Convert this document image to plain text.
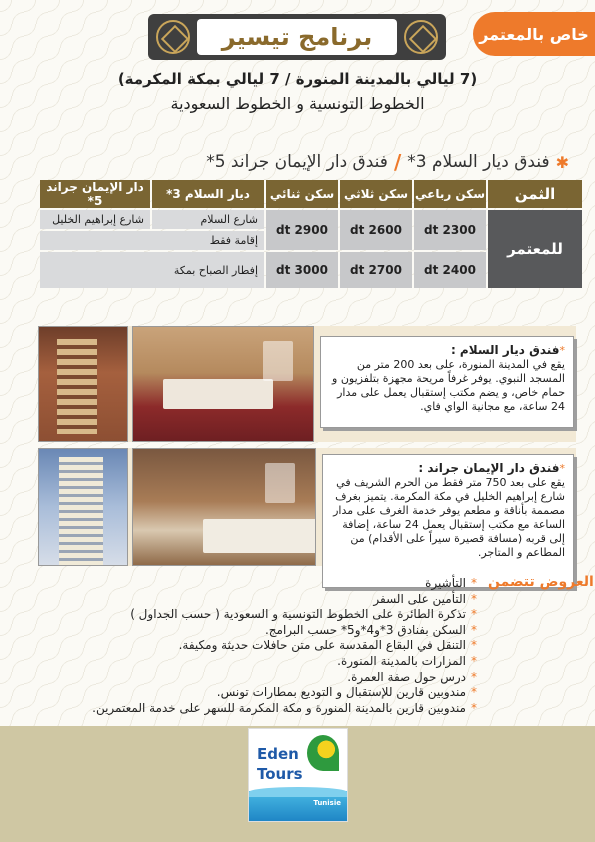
خاص بالمعتمر
برنامج تيسير
(7 ليالي بالمدينة المنورة / 7 ليالي بمكة المكرمة)
الخطوط التونسية و الخطوط السعودية
✱
فندق ديار السلام 3*
/
فندق دار الإيمان جراند 5*
الثمن	سكن رباعي	سكن ثلاثي	سكن ثنائي	ديار السلام 3*	دار الإيمان جراند 5*
للمعتمر	2300 dt	2600 dt	2900 dt	شارع السلام	شارع إبراهيم الخليل
				إقامة فقط	
	2400 dt	2700 dt	3000 dt	إفطار الصباح بمكة	

*فندق ديار السلام :
يقع في المدينة المنورة، على بعد 200 متر من المسجد النبوي. يوفر غرفاً مريحة مجهزة بتلفزيون و حمام خاص، و يضم مكتب إستقبال يعمل على مدار 24 ساعة، مع مجانية الواي فاي.
*فندق دار الإيمان جراند :
يقع على بعد 750 متر فقط من الحرم الشريف في شارع إبراهيم الخليل في مكة المكرمة. يتميز بغرف مصممة بأناقة و مطعم يوفر خدمة الغرف على مدار الساعة مع مكتب إستقبال يعمل 24 ساعة، إضافة إلى قربه (مسافة قصيرة سيراً على الأقدام) من المطاعم و المتاجر.
العروض تتضمن
*التأشيرة
*التأمين على السفر
*تذكرة الطائرة على الخطوط التونسية و السعودية ( حسب الجداول )
*السكن بفنادق 3*و4*و5* حسب البرامج.
*التنقل في البقاع المقدسة على متن حافلات حديثة ومكيفة.
*المزارات بالمدينة المنورة.
*درس حول صفة العمرة.
*مندوبين قارين للإستقبال و التوديع بمطارات تونس.
*مندوبين قارين بالمدينة المنورة و مكة المكرمة للسهر على خدمة المعتمرين.
Eden
Tours
Tunisie
